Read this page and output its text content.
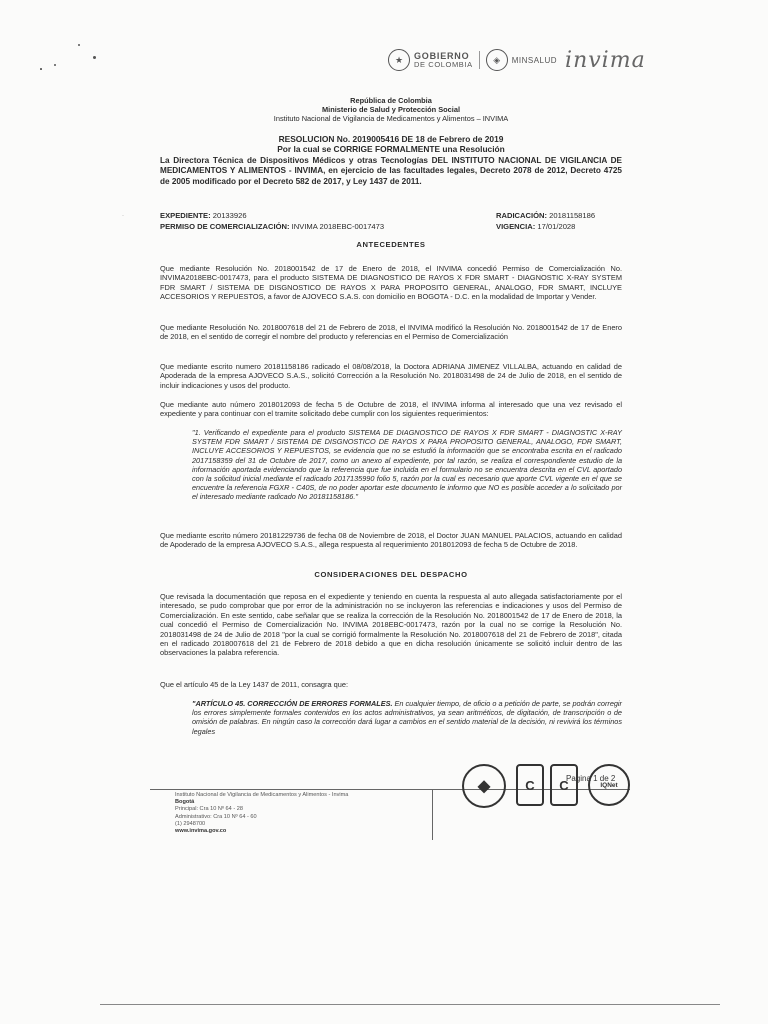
★	GOBIERNO
DE COLOMBIA	◈	MINSALUD invima
República de Colombia
Ministerio de Salud y Protección Social
Instituto Nacional de Vigilancia de Medicamentos y Alimentos – INVIMA
RESOLUCION No. 2019005416 DE 18 de Febrero de 2019
Por la cual se CORRIGE FORMALMENTE una Resolución
La Directora Técnica de Dispositivos Médicos y otras Tecnologías DEL INSTITUTO NACIONAL DE VIGILANCIA DE MEDICAMENTOS Y ALIMENTOS - INVIMA, en ejercicio de las facultades legales, Decreto 2078 de 2012, Decreto 4725 de 2005 modificado por el Decreto 582 de 2017, y Ley 1437 de 2011.
EXPEDIENTE: 20133926	RADICACIÓN: 20181158186
PERMISO DE COMERCIALIZACIÓN: INVIMA 2018EBC-0017473	VIGENCIA: 17/01/2028
·
ANTECEDENTES
Que mediante Resolución No. 2018001542 de 17 de Enero de 2018, el INVIMA concedió Permiso de Comercialización No. INVIMA2018EBC-0017473, para el producto SISTEMA DE DIAGNOSTICO DE RAYOS X FDR SMART - DIAGNOSTIC X-RAY SYSTEM FDR SMART / SISTEMA DE DISGNOSTICO DE RAYOS X PARA PROPOSITO GENERAL, ANALOGO, FDR SMART, INCLUYE ACCESORIOS Y REPUESTOS, a favor de AJOVECO S.A.S. con domicilio en BOGOTA - D.C. en la modalidad de Importar y Vender.
Que mediante Resolución No. 2018007618 del 21 de Febrero de 2018, el INVIMA modificó la Resolución No. 2018001542 de 17 de Enero de 2018, en el sentido de corregir el nombre del producto y referencias en el Permiso de Comercialización
Que mediante escrito numero 20181158186 radicado el 08/08/2018, la Doctora ADRIANA JIMENEZ VILLALBA, actuando en calidad de Apoderada de la empresa AJOVECO S.A.S., solicitó Corrección a la Resolución No. 2018031498 de 24 de Julio de 2018, en el sentido de incluir indicaciones y usos del producto.
Que mediante auto número 2018012093 de fecha 5 de Octubre de 2018, el INVIMA informa al interesado que una vez revisado el expediente y para continuar con el tramite solicitado debe cumplir con los siguientes requerimientos:
"1. Verificando el expediente para el producto SISTEMA DE DIAGNOSTICO DE RAYOS X FDR SMART - DIAGNOSTIC X-RAY SYSTEM FDR SMART / SISTEMA DE DISGNOSTICO DE RAYOS X PARA PROPOSITO GENERAL, ANALOGO, FDR SMART, INCLUYE ACCESORIOS Y REPUESTOS, se evidencia que no se estudió la información que se encontraba escrita en el radicado 2017158359 del 31 de Octubre de 2017, como un anexo al expediente, por tal razón, se realiza el correspondiente estudio de la información aportada evidenciando que la referencia que fue incluida en el formulario no se encuentra descrita en el CVL aportado con la solicitud inicial mediante el radicado 2017135990 folio 5, razón por la cual es necesario que aporte CVL vigente en el que se encuentre la referencia FGXR - C40S, de no poder aportar este documento le informo que NO es posible acceder a lo solicitado por el interesado mediante radicado No 20181158186."
Que mediante escrito número 20181229736 de fecha 08 de Noviembre de 2018, el Doctor JUAN MANUEL PALACIOS, actuando en calidad de Apoderado de la empresa AJOVECO S.A.S., allega respuesta al requerimiento 2018012093 de fecha 5 de Octubre de 2018.
CONSIDERACIONES DEL DESPACHO
Que revisada la documentación que reposa en el expediente y teniendo en cuenta la respuesta al auto allegada satisfactoriamente por el interesado, se pudo comprobar que por error de la administración no se incluyeron las referencias e indicaciones y usos del Permiso de Comercialización. En este sentido, cabe señalar que se realiza la corrección de la Resolución No. 2018001542 de 17 de Enero de 2018, la cual concedió el Permiso de Comercialización No. INVIMA 2018EBC-0017473, razón por la cual no se corrige la Resolución No. 2018031498 de 24 de Julio de 2018 "por la cual se corrigió formalmente la Resolución No. 2018007618 del 21 de Febrero de 2018", citada en el radicado 2018007618 del 21 de Febrero de 2018 debido a que en dicha resolución únicamente se solicitó incluir dentro de las observaciones la palabra referencia.
Que el artículo 45 de la Ley 1437 de 2011, consagra que:
"ARTÍCULO 45. CORRECCIÓN DE ERRORES FORMALES. En cualquier tiempo, de oficio o a petición de parte, se podrán corregir los errores simplemente formales contenidos en los actos administrativos, ya sean aritméticos, de digitación, de transcripción o de omisión de palabras. En ningún caso la corrección dará lugar a cambios en el sentido material de la decisión, ni revivirá los términos legales
Pagina 1 de 2
Instituto Nacional de Vigilancia de Medicamentos y Alimentos - Invima
Bogotá
Principal: Cra 10 Nº 64 - 28
Administrativo: Cra 10 Nº 64 - 60
(1) 2948700
www.invima.gov.co
◆	C	C	IQNet
